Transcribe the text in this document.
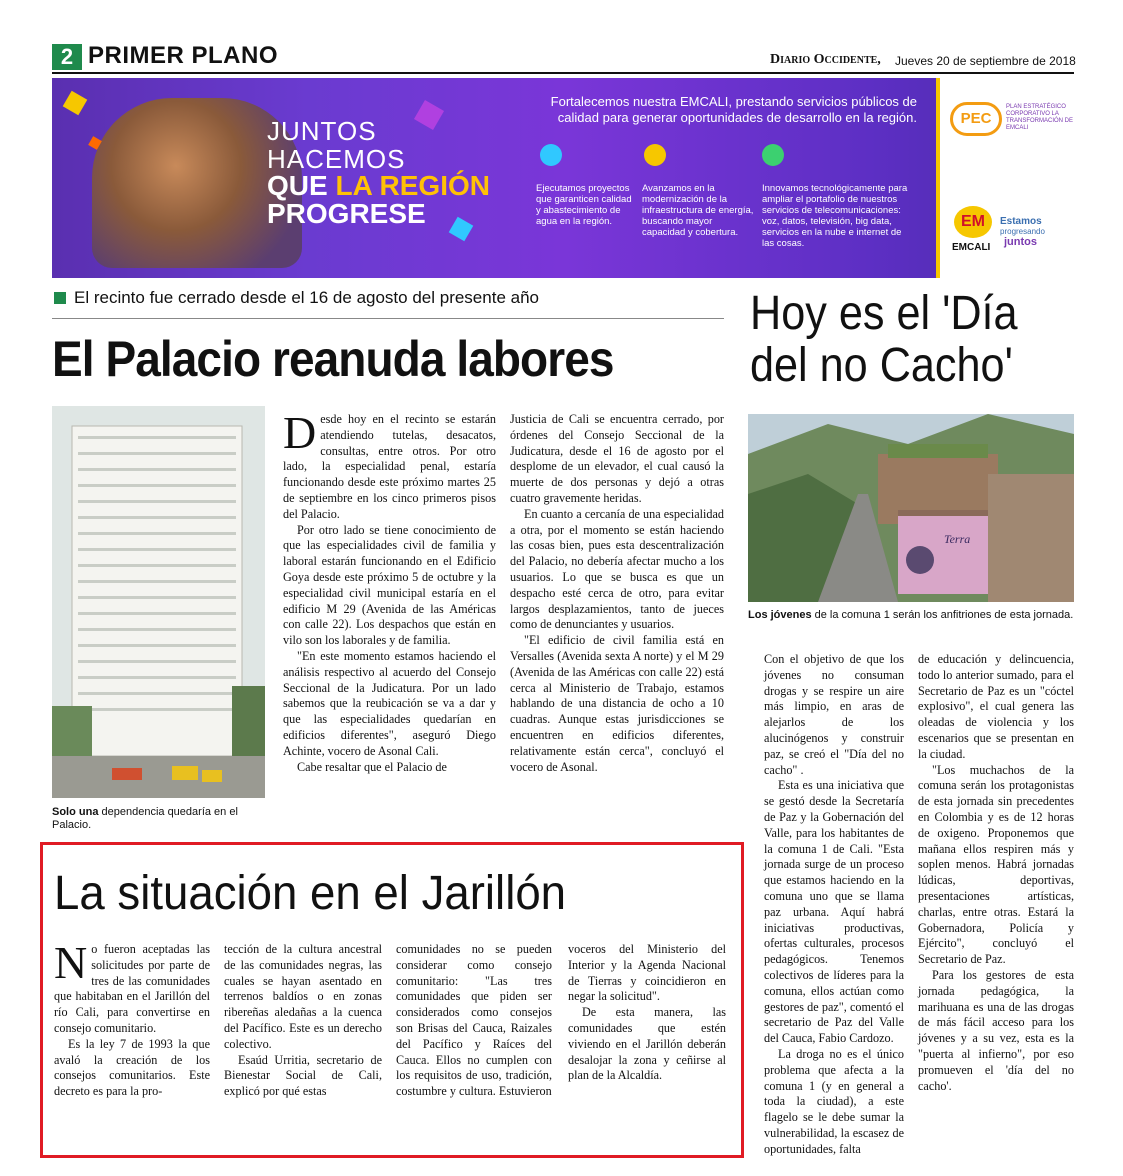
2 PRIMER PLANO	Diario Occidente, Jueves 20 de septiembre de 2018
JUNTOS
HACEMOS
QUE LA REGIÓN
PROGRESE
Fortalecemos nuestra EMCALI, prestando servicios públicos de calidad para generar oportunidades de desarrollo en la región.
Ejecutamos proyectos que garanticen calidad y abastecimiento de agua en la región.
Avanzamos en la modernización de la infraestructura de energía, buscando mayor capacidad y cobertura.
Innovamos tecnológicamente para ampliar el portafolio de nuestros servicios de telecomunicaciones: voz, datos, televisión, big data, servicios en la nube e internet de las cosas.
PEC
PLAN ESTRATÉGICO CORPORATIVO LA TRANSFORMACIÓN DE EMCALI
EM
EMCALI
Estamos
progresando
juntos
El recinto fue cerrado desde el 16 de agosto del presente año
El Palacio reanuda labores
Solo una dependencia quedaría en el Palacio.

Desde hoy en el recinto se estarán atendiendo tutelas, desacatos, consultas, entre otros. Por otro lado, la especialidad penal, estaría funcionando desde este próximo martes 25 de septiembre en los cinco primeros pisos del Palacio.

Por otro lado se tiene conocimiento de que las especialidades civil de familia y laboral estarán funcionando en el Edificio Goya desde este próximo 5 de octubre y la especialidad civil municipal estaría en el edificio M 29 (Avenida de las Américas con calle 22). Los despachos que están en vilo son los laborales y de familia.

"En este momento estamos haciendo el análisis respectivo al acuerdo del Consejo Seccional de la Judicatura. Por un lado sabemos que la reubicación se va a dar y que las especialidades quedarían en edificios diferentes", aseguró Diego Achinte, vocero de Asonal Cali.

Cabe resaltar que el Palacio de

Justicia de Cali se encuentra cerrado, por órdenes del Consejo Seccional de la Judicatura, desde el 16 de agosto por el desplome de un elevador, el cual causó la muerte de dos personas y dejó a otras cuatro gravemente heridas.

En cuanto a cercanía de una especialidad a otra, por el momento se están haciendo las cosas bien, pues esta descentralización del Palacio, no debería afectar mucho a los usuarios. Lo que se busca es que un despacho esté cerca de otro, para evitar largos desplazamientos, tanto de jueces como de denunciantes y usuarios.

"El edificio de civil familia está en Versalles (Avenida sexta A norte) y el M 29 (Avenida de las Américas con calle 22) está cerca al Ministerio de Trabajo, estamos hablando de una distancia de ocho a 10 cuadras. Aunque estas jurisdicciones se encuentren en edificios diferentes, relativamente están cerca", concluyó el vocero de Asonal.

Hoy es el 'Día del no Cacho'
Terra
Los jóvenes de la comuna 1 serán los anfitriones de esta jornada.

Con el objetivo de que los jóvenes no consuman drogas y se respire un aire más limpio, en aras de alejarlos de los alucinógenos y construir paz, se creó el "Día del no cacho" .

Esta es una iniciativa que se gestó desde la Secretaría de Paz y la Gobernación del Valle, para los habitantes de la comuna 1 de Cali. "Esta jornada surge de un proceso que estamos haciendo en la comuna uno que se llama paz urbana. Aquí habrá iniciativas productivas, ofertas culturales, procesos pedagógicos. Tenemos colectivos de líderes para la comuna, ellos actúan como gestores de paz", comentó el secretario de Paz del Valle del Cauca, Fabio Cardozo.

La droga no es el único problema que afecta a la comuna 1 (y en general a toda la ciudad), a este flagelo se le debe sumar la vulnerabilidad, la escasez de oportunidades, falta

de educación y delincuencia, todo lo anterior sumado, para el Secretario de Paz es un "cóctel explosivo", el cual genera las oleadas de violencia y los escenarios que se presentan en la ciudad.

"Los muchachos de la comuna serán los protagonistas de esta jornada sin precedentes en Colombia y es de 12 horas de oxigeno. Proponemos que mañana ellos respiren más y soplen menos. Habrá jornadas lúdicas, deportivas, presentaciones artísticas, charlas, entre otras. Estará la Gobernadora, Policía y Ejército", concluyó el Secretario de Paz.

Para los gestores de esta jornada pedagógica, la marihuana es una de las drogas de más fácil acceso para los jóvenes y a su vez, esta es la "puerta al infierno", por eso promueven el 'día del no cacho'.

La situación en el Jarillón

No fueron aceptadas las solicitudes por parte de tres de las comunidades que habitaban en el Jarillón del río Cali, para convertirse en consejo comunitario.

Es la ley 7 de 1993 la que avaló la creación de los consejos comunitarios. Este decreto es para la pro-

tección de la cultura ancestral de las comunidades negras, las cuales se hayan asentado en terrenos baldíos o en zonas ribereñas aledañas a la cuenca del Pacífico. Este es un derecho colectivo.

Esaúd Urritia, secretario de Bienestar Social de Cali, explicó por qué estas

comunidades no se pueden considerar como consejo comunitario: "Las tres comunidades que piden ser considerados como consejos son Brisas del Cauca, Raizales del Pacífico y Raíces del Cauca. Ellos no cumplen con los requisitos de uso, tradición, costumbre y cultura. Estuvieron

voceros del Ministerio del Interior y la Agenda Nacional de Tierras y coincidieron en negar la solicitud".

De esta manera, las comunidades que estén viviendo en el Jarillón deberán desalojar la zona y ceñirse al plan de la Alcaldía.
